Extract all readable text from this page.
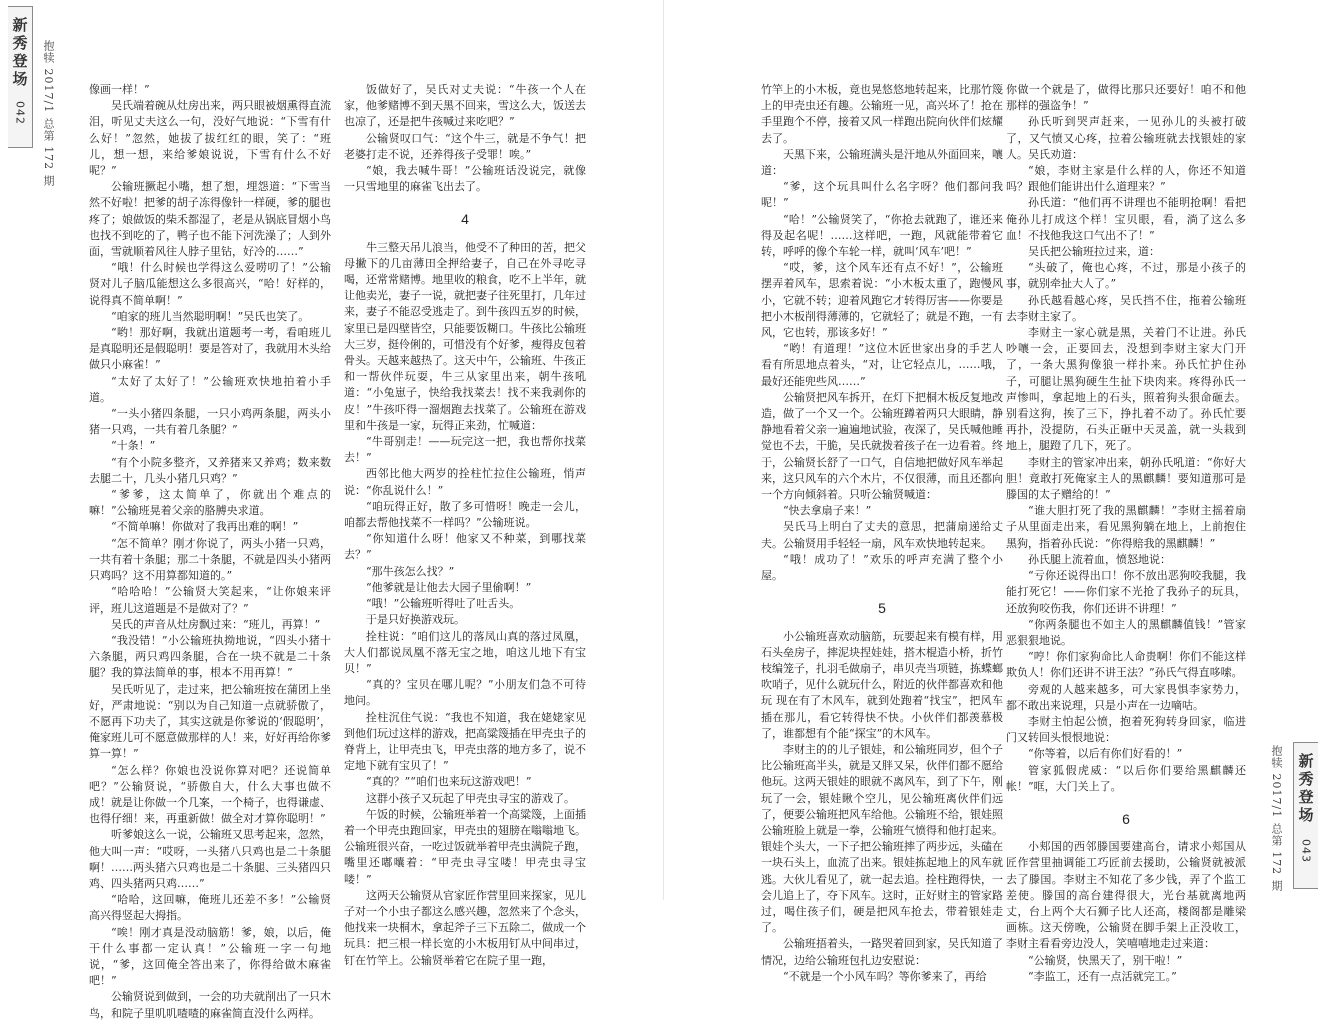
新秀登场
042 抱犊 2017/1 总第 172 期
新秀登场
043
抱犊 2017/1 总第 172 期

像画一样！”

吴氏端着碗从灶房出来，两只眼被烟熏得直流泪，听见丈夫这么一句，没好气地说：“下雪有什么好！”忽然，她拔了拔红红的眼，笑了：“班儿，想一想，来给爹娘说说，下雪有什么不好呢？”

公输班撅起小嘴，想了想，埋怨道：“下雪当然不好啦！把爹的胡子冻得像针一样硬，爹的腿也疼了；娘做饭的柴禾都湿了，老是从锅底冒烟小鸟也找不到吃的了，鸭子也不能下河洗澡了；人到外面，雪就顺着风往人脖子里钻，好冷的……”

“哦！什么时候也学得这么爱唠叨了！”公输贤对儿子脑瓜能想这么多很高兴，“哈！好样的，说得真不简单啊！”

“咱家的班儿当然聪明啊！”吴氏也笑了。

“哟！那好啊，我就出道题考一考，看咱班儿是真聪明还是假聪明！要是答对了，我就用木头给做只小麻雀！”

“太好了太好了！”公输班欢快地拍着小手道。

“一头小猪四条腿，一只小鸡两条腿，两头小猪一只鸡，一共有着几条腿？”

“十条！”

“有个小院多整齐，又养猪来又养鸡；数来数去腿二十，几头小猪几只鸡？”

“爹爹，这太简单了，你就出个难点的嘛！”公输班晃着父亲的胳膊央求道。

“不简单嘛！你做对了我再出难的啊！”

“怎不简单？刚才你说了，两头小猪一只鸡，一共有着十条腿；那二十条腿，不就是四头小猪两只鸡吗？这不用算都知道的。”

“哈哈哈！”公输贤大笑起来，“让你娘来评评，班儿这道题是不是做对了？”

吴氏的声音从灶房飘过来：“班儿，再算！”

“我没错！”小公输班执拗地说，“四头小猪十六条腿，两只鸡四条腿，合在一块不就是二十条腿？我的算法简单的事，根本不用再算！”

吴氏听见了，走过来，把公输班按在蒲团上坐好，严肃地说：“别以为自己知道一点就骄傲了，不愿再下功夫了，其实这就是你爹说的‘假聪明’，俺家班儿可不愿意做那样的人！来，好好再给你爹算一算！”

“怎么样？你娘也没说你算对吧？还说简单吧？”公输贤说，“骄傲自大，什么大事也做不成！就是让你做一个几案，一个椅子，也得谦虚、也得仔细！来，再重新做！做全对才算你聪明！”

听爹娘这么一说，公输班又思考起来，忽然，他大叫一声：“哎呀，一头猪八只鸡也是二十条腿啊！……两头猪六只鸡也是二十条腿、三头猪四只鸡、四头猪两只鸡……”

“哈哈，这回嘛，俺班儿还差不多！”公输贤高兴得竖起大拇指。

“唉！刚才真是没动脑筋！爹，娘，以后，俺干什么事都一定认真！”公输班一字一句地说，“爹，这回俺全答出来了，你得给做木麻雀吧！”

公输贤说到做到，一会的功夫就削出了一只木鸟，和院子里叽叽喳喳的麻雀简直没什么两样。

饭做好了，吴氏对丈夫说：“牛孩一个人在家，他爹赌博不到天黑不回来，雪这么大，饭送去也凉了，还是把牛孩喊过来吃吧？”

公输贤叹口气：“这个牛三，就是不争气！把老婆打走不说，还养得孩子受罪！唉。”

“娘，我去喊牛哥！”公输班话没说完，就像一只雪地里的麻雀飞出去了。

4

牛三整天吊儿浪当，他受不了种田的苦，把父母撇下的几亩薄田全押给妻子，自己在外寻吃寻喝，还常常赌博。地里收的粮食，吃不上半年，就让他卖光，妻子一说，就把妻子往死里打，几年过来，妻子不能忍受逃走了。到牛孩四五岁的时候，家里已是四壁皆空，只能要饭糊口。牛孩比公输班大三岁，挺伶俐的，可惜没有个好爹，瘦得皮包着骨头。天越来越热了。这天中午，公输班、牛孩正和一帮伙伴玩耍，牛三从家里出来，朝牛孩吼道：“小兔崽子，快给我找菜去！找不来我剥你的皮！”牛孩吓得一溜烟跑去找菜了。公输班在游戏里和牛孩是一家，玩得正来劲，忙喊道：

“牛哥别走！——玩完这一把，我也帮你找菜去！”

西邻比他大两岁的拴柱忙拉住公输班，悄声说：“你乱说什么！”

“咱玩得正好，散了多可惜呀！晚走一会儿，咱都去帮他找菜不一样吗？”公输班说。

“你知道什么呀！他家又不种菜，到哪找菜去？”

“那牛孩怎么找？”

“他爹就是让他去大园子里偷啊！”

“哦！”公输班听得吐了吐舌头。

于是只好换游戏玩。

拴柱说：“咱们这儿的落凤山真的落过凤凰，大人们都说凤凰不落无宝之地，咱这儿地下有宝贝！”

“真的？宝贝在哪儿呢？”小朋友们急不可待地问。

拴柱沉住气说：“我也不知道，我在姥姥家见到他们玩过这样的游戏，把高粱篾插在甲壳虫子的脊背上，让甲壳虫飞，甲壳虫落的地方多了，说不定地下就有宝贝了！”

“真的？”“咱们也来玩这游戏吧！”

这群小孩子又玩起了甲壳虫寻宝的游戏了。

午饭的时候，公输班举着一个高粱篾，上面插着一个甲壳虫跑回家，甲壳虫的翅膀在嗡嗡地飞。公输班很兴奋，一吃过饭就举着甲壳虫满院子跑，嘴里还嘟囔着：“甲壳虫寻宝喽！甲壳虫寻宝喽！”

这两天公输贤从官家匠作营里回来探家，见儿子对一个小虫子都这么感兴趣，忽然来了个念头，他找来一块桐木，拿起斧子三下五除二，做成一个玩具：把三根一样长宽的小木板用钉从中间串过，钉在竹竿上。公输贤举着它在院子里一跑，

竹竿上的小木板，竟也晃悠悠地转起来，比那竹篾上的甲壳虫还有趣。公输班一见，高兴坏了！抢在手里跑个不停，接着又风一样跑出院向伙伴们炫耀去了。

天黑下来，公输班满头是汗地从外面回来，嚷道：

“爹，这个玩具叫什么名字呀？他们都问我呢！”

“哈！”公输贤笑了，“你抢去就跑了，谁还来得及起名呢！……这样吧，一跑，风就能带着它转，呼呼的像个车轮一样，就叫‘风车’吧！”

“哎，爹，这个风车还有点不好！”，公输班摆弄着风车，思索着说：“小木板太重了，跑慢风小，它就不转；迎着风跑它才转得厉害——你要是把小木板削得薄薄的，它就轻了；就是不跑，一有风，它也转，那该多好！”

“哟！有道理！”这位木匠世家出身的手艺人看有所思地点着头，“对，让它轻点儿，……哦，最好还能兜些风……”

公输贤把风车拆开，在灯下把桐木板反复地改造，做了一个又一个。公输班蹲着两只大眼睛，静静地看着父亲一遍遍地试验，夜深了，吴氏喊他睡觉也不去，干脆，吴氏就拨着孩子在一边看着。终于，公输贤长舒了一口气，自信地把做好风车举起来，这只风车的六个木片，不仅很薄，而且还都向一个方向倾斜着。只听公输贤喊道：

“快去拿扇子来！”

吴氏马上明白了丈夫的意思，把蒲扇递给丈夫。公输贤用手轻轻一扇，风车欢快地转起来。

“哦！成功了！”欢乐的呼声充满了整个小屋。

5

小公输班喜欢动脑筋，玩要起来有模有样，用石头垒房子，摔泥块捏娃娃，搭木棍造小桥，折竹枝编笼子，扎羽毛做扇子，串贝壳当项链，拣蝶螂吹哨子，见什么就玩什么，附近的伙伴都喜欢和他玩 现在有了木风车，就到处跑着“找宝”，把风车插在那儿，看它转得快不快。小伙伴们都羡慕极了，谁都想有个能“探宝”的木风车。

李财主的的儿子银娃，和公输班同岁，但个子比公输班高半头，就是又胖又呆，伙伴们都不愿给他玩。这两天银娃的眼就不离风车，到了下午，刚玩了一会，银娃瞅个空儿，见公输班离伙伴们远了，便要公输班把风车给他。公输班不给，银娃照公输班脸上就是一拳，公输班气愤得和他打起来。银娃个头大，一下子把公输班摔了两步远，头磕在一块石头上，血流了出来。银娃拣起地上的风车就逃。大伙儿看见了，就一起去追。拴柱跑得快，一会儿追上了，夺下风车。这时，正好财主的管家路过，喝住孩子们，硬是把风车抢去，带着银娃走了。

公输班捂着头，一路哭着回到家，吴氏知道了情况，边给公输班包扎边安慰说：

“不就是一个小风车吗？等你爹来了，再给

你做一个就是了，做得比那只还要好！咱不和他那样的强盗争！”

孙氏听到哭声赶来，一见孙儿的头被打破了，又气愤又心疼，拉着公输班就去找银娃的家人。吴氏劝道：

“娘，李财主家是什么样的人，你还不知道吗？跟他们能讲出什么道理来？”

孙氏道：“他们再不讲理也不能明抢啊！看把俺孙儿打成这个样！宝贝眼，看，淌了这么多血！不找他我这口气出不了！”

吴氏把公输班拉过来，道：

“头破了，俺也心疼，不过，那是小孩子的事，就别牵扯大人了。”

孙氏越看越心疼，吴氏挡不住，拖着公输班去李财主家了。

李财主一家心就是黑，关着门不让进。孙氏吵嚷一会，正要回去，没想到李财主家大门开了，一条大黑狗像狼一样扑来。孙氏忙护住孙子，可腿让黑狗硬生生扯下块肉来。疼得孙氏一声惨叫，拿起地上的石头，照着狗头狠命砸去。别看这狗，挨了三下，挣扎着不动了。孙氏忙要再扑，没提防，石头正砸中天灵盖，就一头栽到地上，腿蹬了几下，死了。

李财主的管家冲出来，朝孙氏吼道：“你好大胆！竟敢打死俺家主人的黑麒麟！要知道那可是滕国的太子赠给的！”

“谁大胆打死了我的黑麒麟！”李财主摇着扇子从里面走出来，看见黑狗躺在地上，上前抱住黑狗，指着孙氏说：“你得赔我的黑麒麟！”

孙氏腿上流着血，愤怒地说：

“亏你还说得出口！你不放出恶狗咬我腿，我能打死它！——你们家不光抢了我孙子的玩具，还放狗咬伤我，你们还讲不讲理！”

“你两条腿也不如主人的黑麒麟值钱！”管家恶狠狠地说。

“哼！你们家狗命比人命贵啊！你们不能这样欺负人！你们还讲不讲王法？”孙氏气得直哆嗦。

旁观的人越来越多，可大家畏惧李家势力，都不敢出来说理，只是小声在一边嘀咕。

李财主怕起公愤，抱着死狗转身回家，临进门又转回头恨恨地说：

“你等着，以后有你们好看的！”

管家狐假虎威：“以后你们要给黑麒麟还帐！”哐，大门关上了。

6

小郏国的西邻滕国要建高台，请求小郏国从匠作营里抽调能工巧匠前去援助，公输贤就被派去了滕国。李财主不知花了多少钱，弄了个监工差使。滕国的高台建得很大，光台基就离地两丈，台上两个大石狮子比人还高，楼阁都是雕梁画栋。这天傍晚，公输贤在脚手架上正没收工，李财主看看旁边没人，笑嘻嘻地走过来道：

“公输贤，快黑天了，别干啦！”

“李监工，还有一点活就完工。”
